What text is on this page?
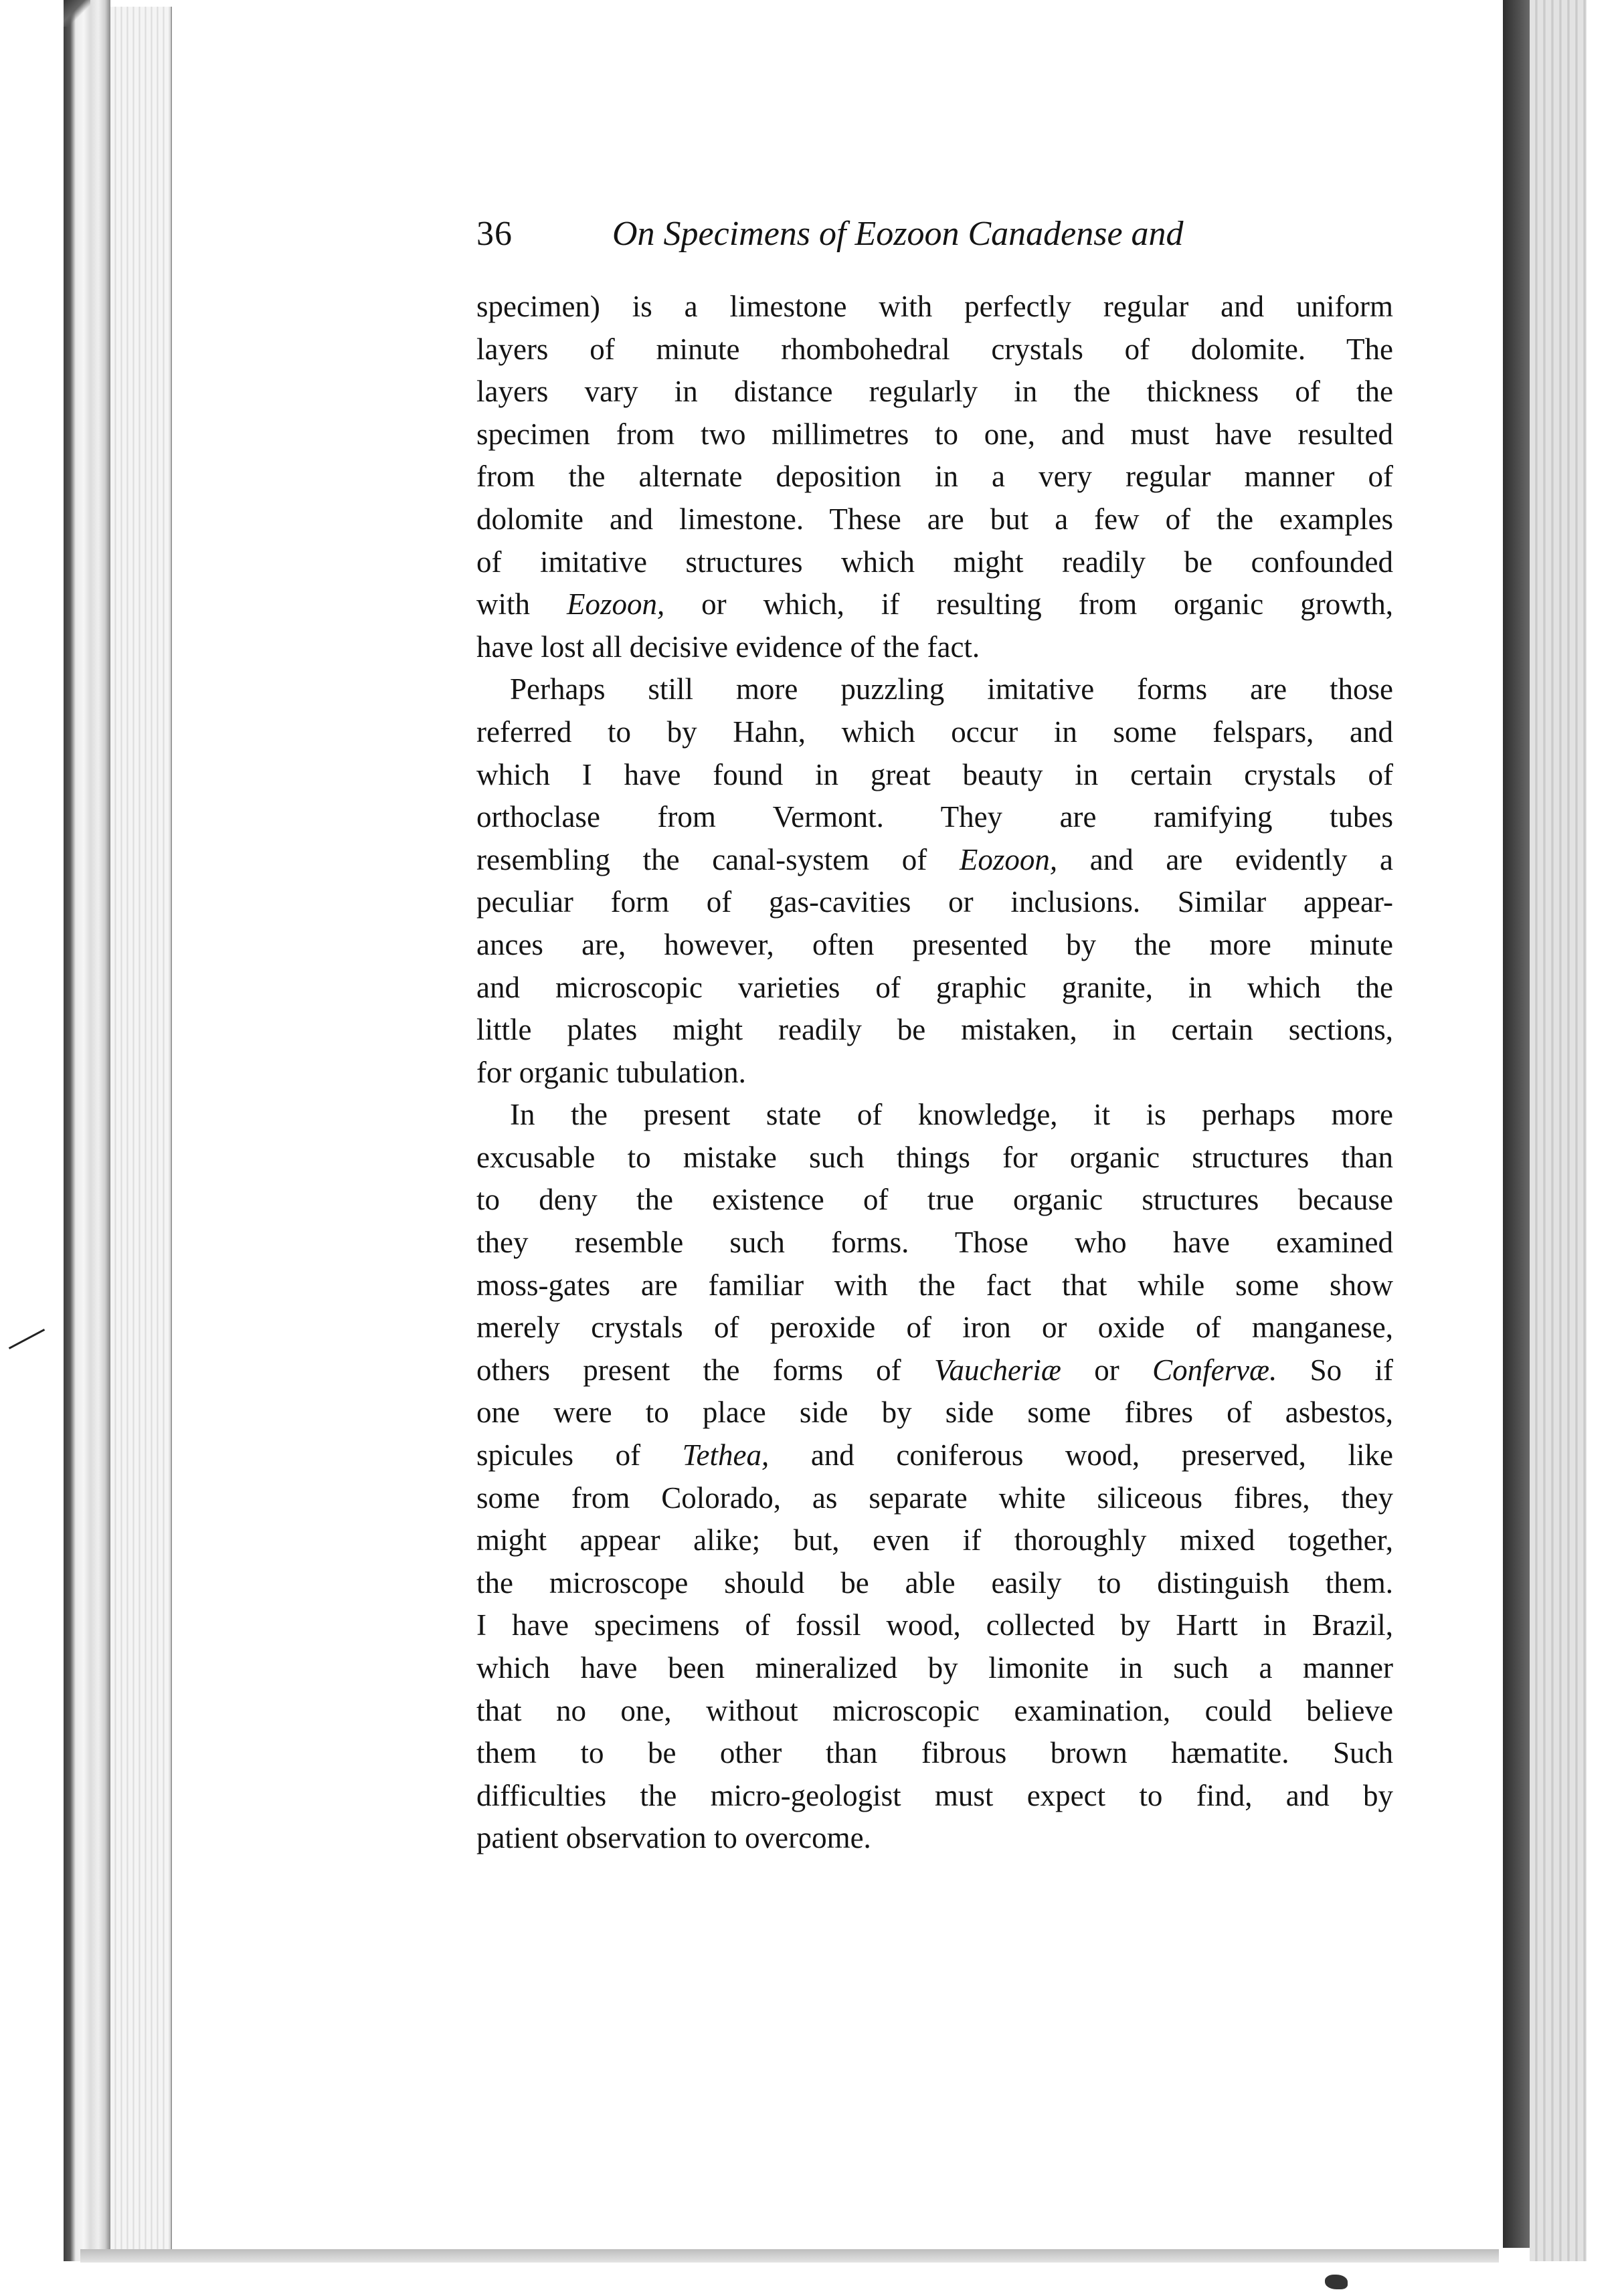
36	On Specimens of Eozoon Canadense and
specimen) is a limestone with perfectly regular and uniform
layers of minute rhombohedral crystals of dolomite. The
layers vary in distance regularly in the thickness of the
specimen from two millimetres to one, and must have resulted
from the alternate deposition in a very regular manner of
dolomite and limestone. These are but a few of the examples
of imitative structures which might readily be confounded
with Eozoon, or which, if resulting from organic growth,
have lost all decisive evidence of the fact.
Perhaps still more puzzling imitative forms are those
referred to by Hahn, which occur in some felspars, and
which I have found in great beauty in certain crystals of
orthoclase from Vermont. They are ramifying tubes
resembling the canal-system of Eozoon, and are evidently a
peculiar form of gas-cavities or inclusions. Similar appear-
ances are, however, often presented by the more minute
and microscopic varieties of graphic granite, in which the
little plates might readily be mistaken, in certain sections,
for organic tubulation.
In the present state of knowledge, it is perhaps more
excusable to mistake such things for organic structures than
to deny the existence of true organic structures because
they resemble such forms. Those who have examined
moss-gates are familiar with the fact that while some show
merely crystals of peroxide of iron or oxide of manganese,
others present the forms of Vaucheriæ or Confervæ. So if
one were to place side by side some fibres of asbestos,
spicules of Tethea, and coniferous wood, preserved, like
some from Colorado, as separate white siliceous fibres, they
might appear alike; but, even if thoroughly mixed together,
the microscope should be able easily to distinguish them.
I have specimens of fossil wood, collected by Hartt in Brazil,
which have been mineralized by limonite in such a manner
that no one, without microscopic examination, could believe
them to be other than fibrous brown hæmatite. Such
difficulties the micro-geologist must expect to find, and by
patient observation to overcome.
